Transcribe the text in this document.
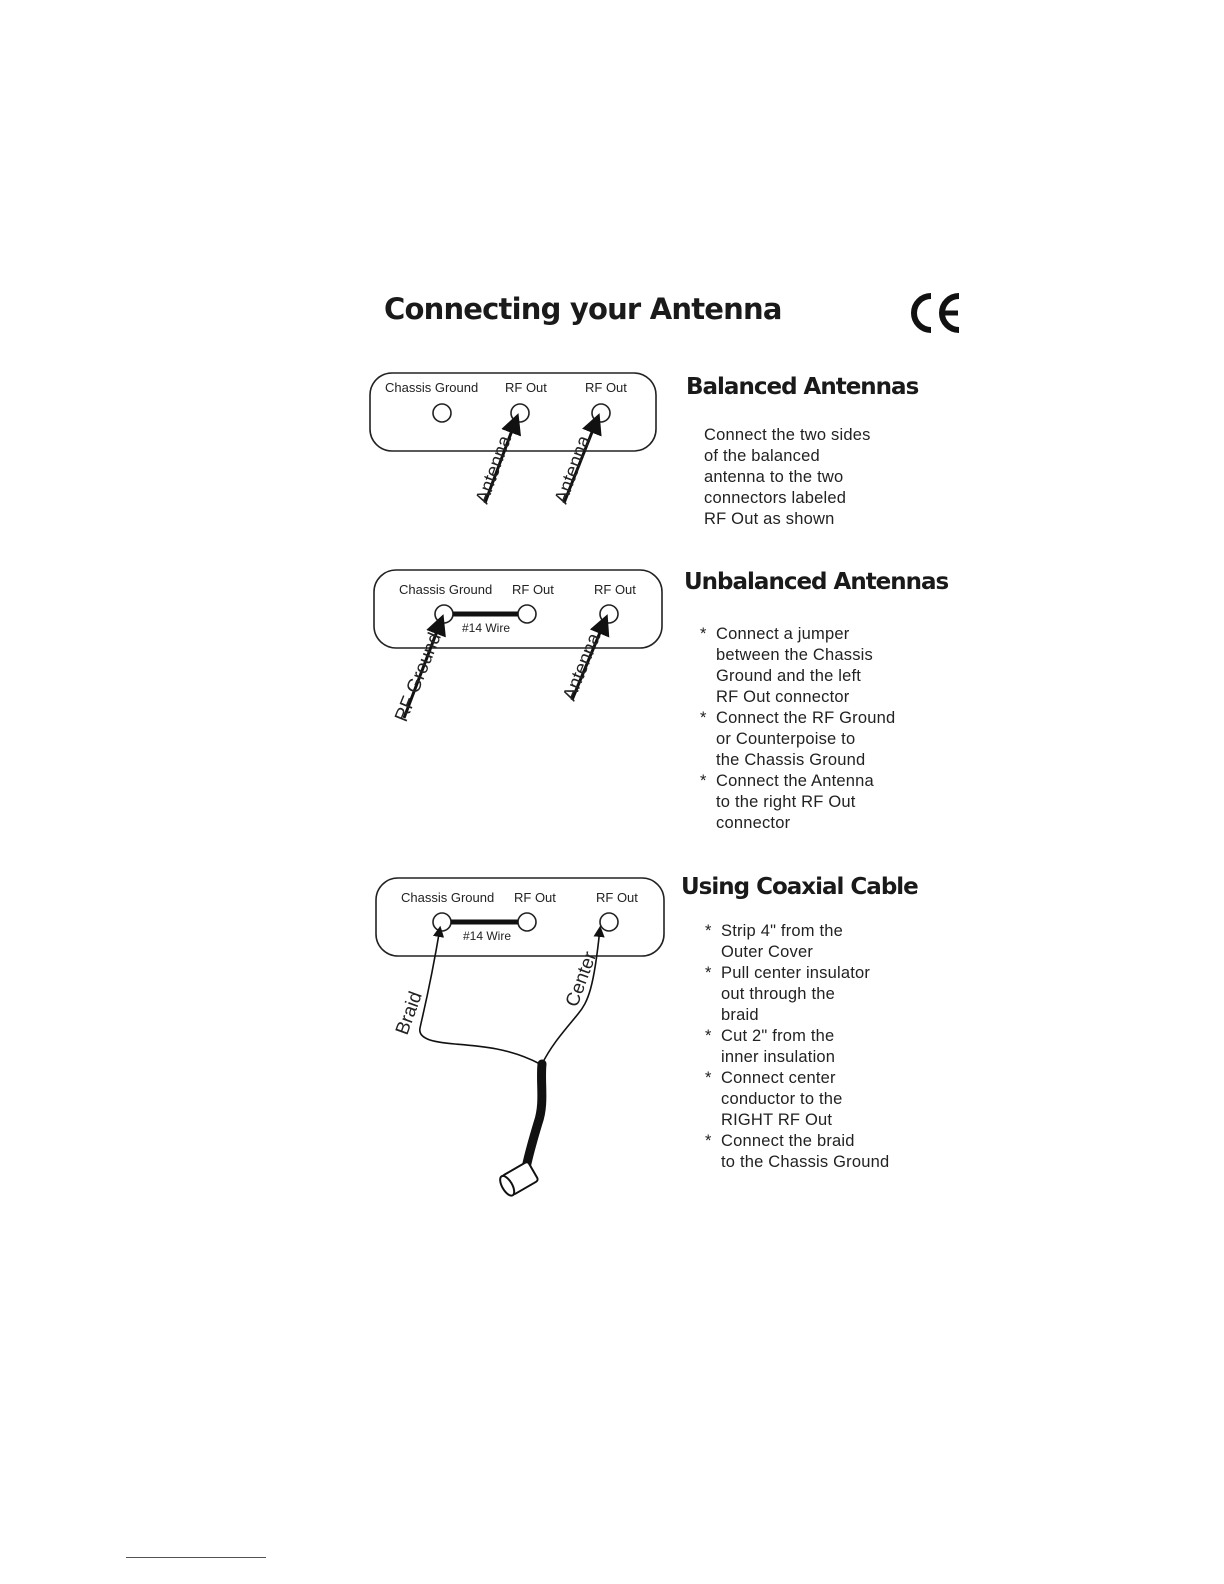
Connecting your Antenna
Chassis Ground RF Out	RF Out
Antenna Antenna
Balanced Antennas

Connect the two sides
of the balanced
antenna to the two
connectors labeled
RF Out as shown

Chassis Ground RF Out	RF Out
#14 Wire
RF Ground	Antenna
Unbalanced Antennas
* Connect a jumper
between the Chassis
Ground and the left
RF Out connector
* Connect the RF Ground
or Counterpoise to
the Chassis Ground
* Connect the Antenna
to the right RF Out
connector
Chassis Ground RF Out	RF Out
#14 Wire
Braid
Center
Using Coaxial Cable
* Strip 4" from the
Outer Cover
* Pull center insulator
out through the
braid
* Cut 2" from the
inner insulation
* Connect center
conductor to the
RIGHT RF Out
* Connect the braid
to the Chassis Ground
